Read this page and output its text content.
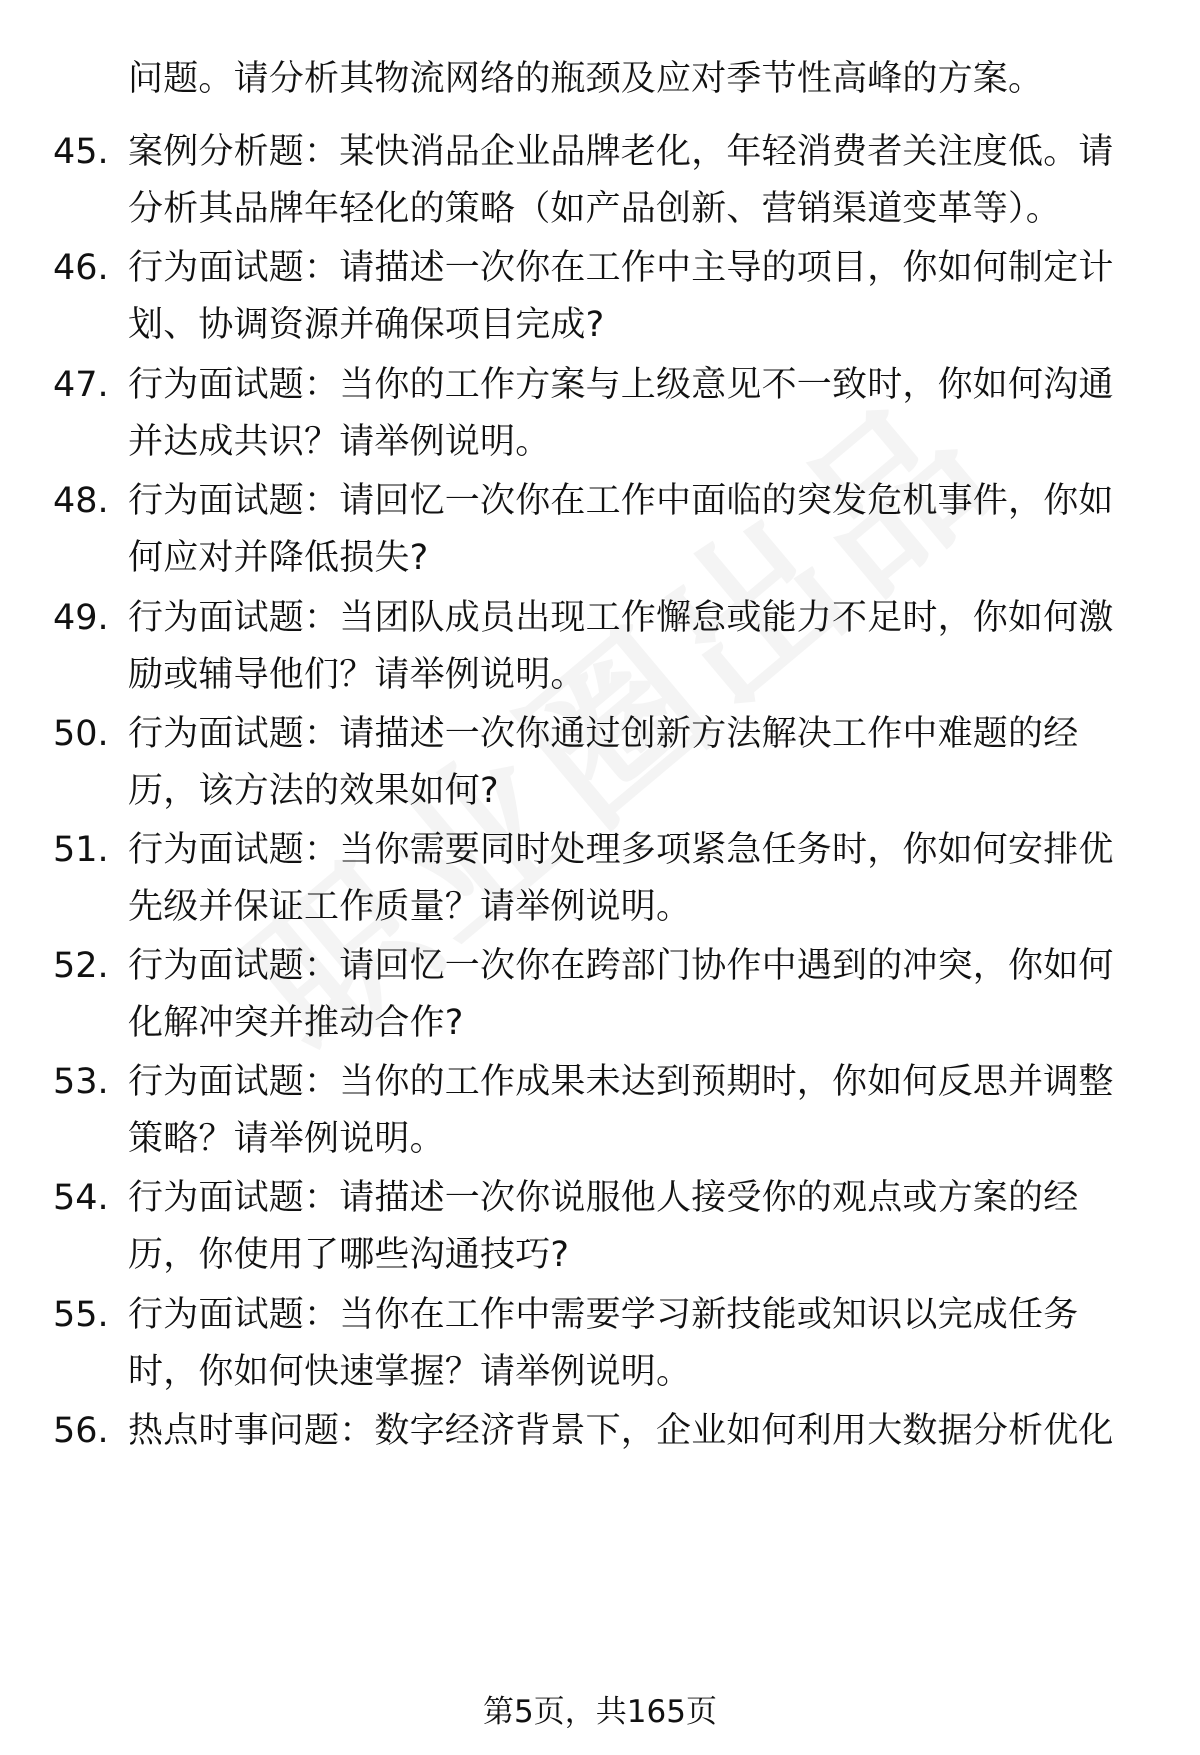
问题。请分析其物流网络的瓶颈及应对季节性高峰的方案。
45. 案例分析题：某快消品企业品牌老化，年轻消费者关注度低。请分析其品牌年轻化的策略（如产品创新、营销渠道变革等）。
46. 行为面试题：请描述一次你在工作中主导的项目，你如何制定计划、协调资源并确保项目完成?
47. 行为面试题：当你的工作方案与上级意见不一致时，你如何沟通并达成共识？请举例说明。
48. 行为面试题：请回忆一次你在工作中面临的突发危机事件，你如何应对并降低损失?
49. 行为面试题：当团队成员出现工作懈怠或能力不足时，你如何激励或辅导他们？请举例说明。
50. 行为面试题：请描述一次你通过创新方法解决工作中难题的经历，该方法的效果如何?
51. 行为面试题：当你需要同时处理多项紧急任务时，你如何安排优先级并保证工作质量？请举例说明。
52. 行为面试题：请回忆一次你在跨部门协作中遇到的冲突，你如何化解冲突并推动合作?
53. 行为面试题：当你的工作成果未达到预期时，你如何反思并调整策略？请举例说明。
54. 行为面试题：请描述一次你说服他人接受你的观点或方案的经历，你使用了哪些沟通技巧?
55. 行为面试题：当你在工作中需要学习新技能或知识以完成任务时，你如何快速掌握？请举例说明。
56. 热点时事问题：数字经济背景下，企业如何利用大数据分析优化
第5页，共165页
